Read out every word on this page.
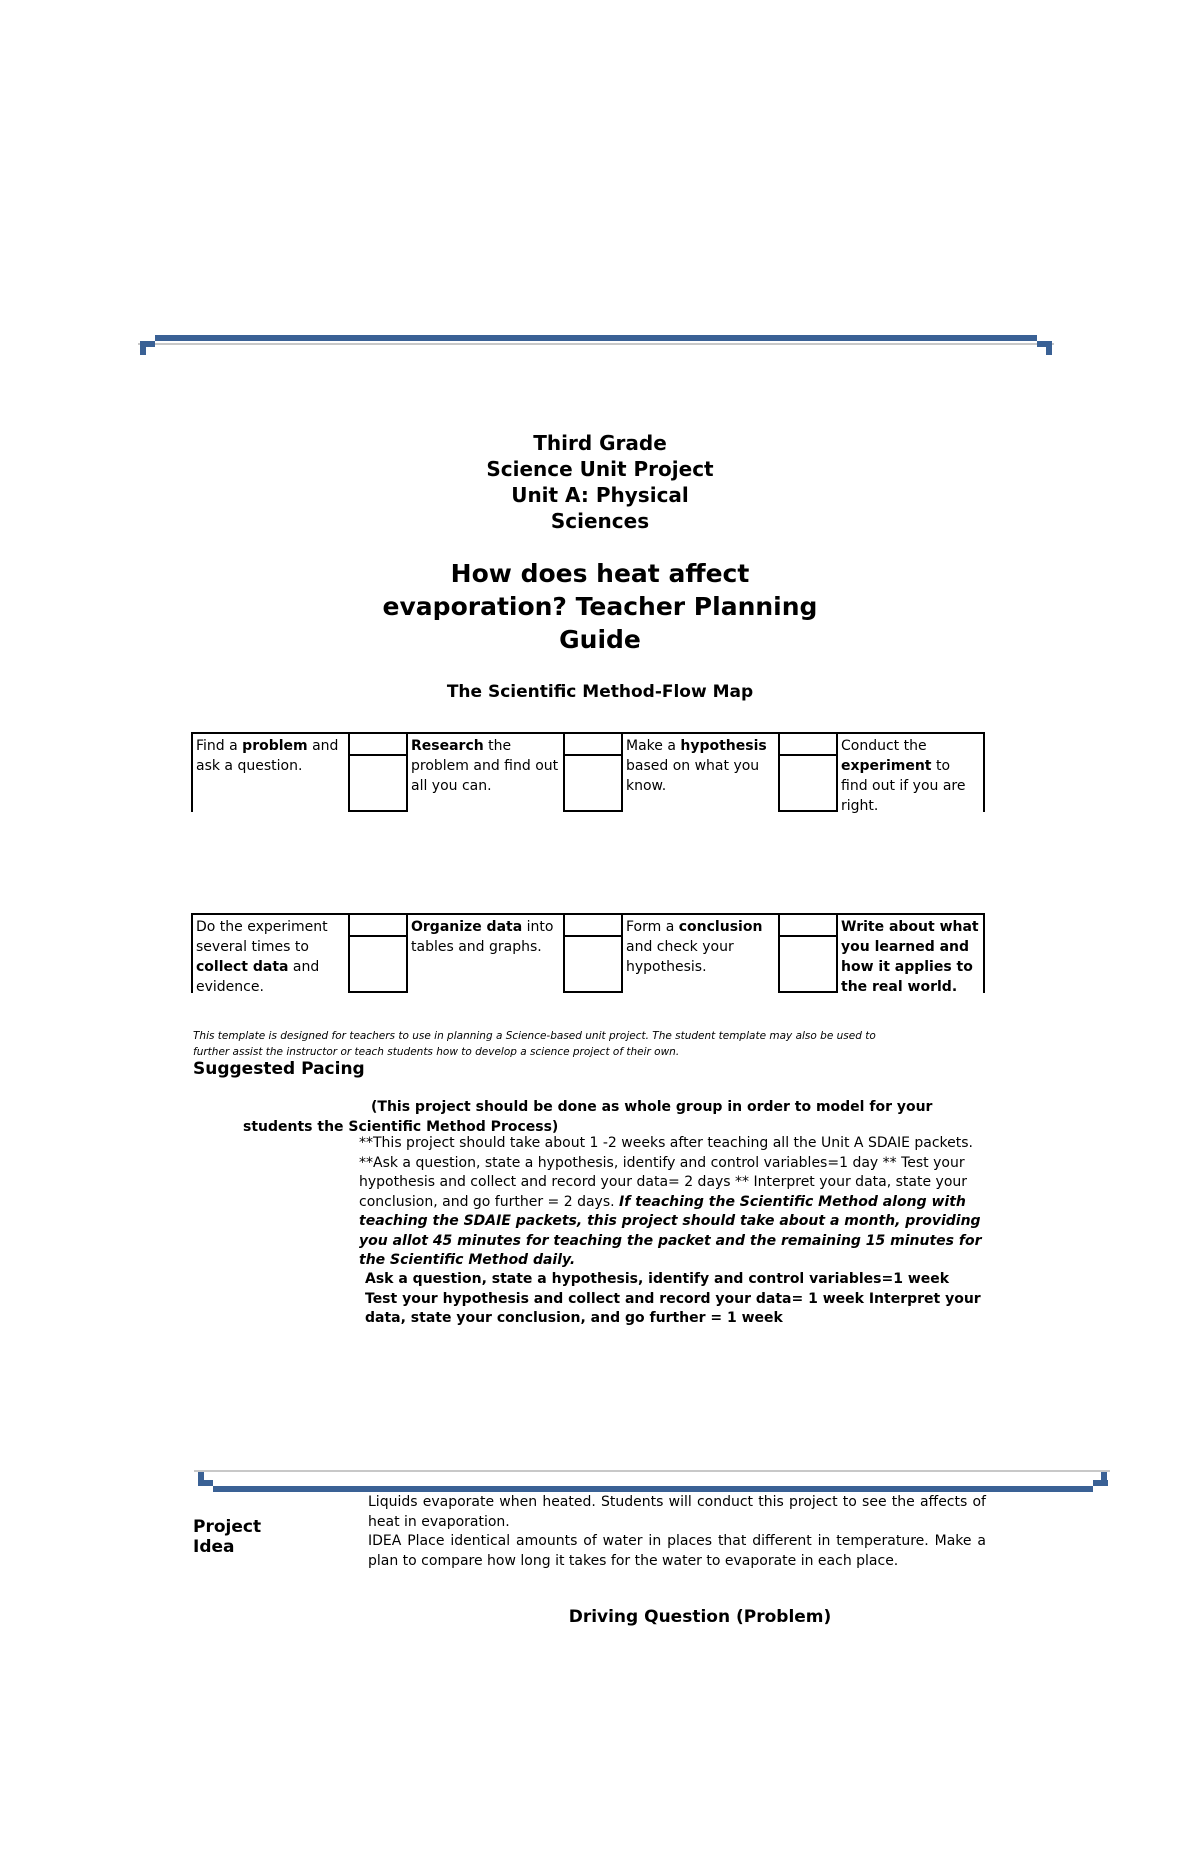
Third Grade
Science Unit Project
Unit A: Physical
Sciences
How does heat affect
evaporation? Teacher Planning
Guide
The Scientific Method-Flow Map
Find a problem and ask a question.
Research the problem and find out all you can.
Make a hypothesis based on what you know.
Conduct the experiment to find out if you are right.
Do the experiment several times to collect data and evidence.
Organize data into tables and graphs.
Form a conclusion and check your hypothesis.
Write about what you learned and how it applies to the real world.
This template is designed for teachers to use in planning a Science-based unit project. The student template may also be used to further assist the instructor or teach students how to develop a science project of their own.
Suggested Pacing
(This project should be done as whole group in order to model for your students the Scientific Method Process)
**This project should take about 1 -2 weeks after teaching all the Unit A SDAIE packets. **Ask a question, state a hypothesis, identify and control variables=1 day ** Test your hypothesis and collect and record your data= 2 days ** Interpret your data, state your conclusion, and go further = 2 days. If teaching the Scientific Method along with teaching the SDAIE packets, this project should take about a month, providing you allot 45 minutes for teaching the packet and the remaining 15 minutes for the Scientific Method daily.
Ask a question, state a hypothesis, identify and control variables=1 week Test your hypothesis and collect and record your data= 1 week Interpret your data, state your conclusion, and go further = 1 week
Project
Idea
Liquids evaporate when heated. Students will conduct this project to see the affects of heat in evaporation.
IDEA Place identical amounts of water in places that different in temperature. Make a plan to compare how long it takes for the water to evaporate in each place.
Driving Question (Problem)
